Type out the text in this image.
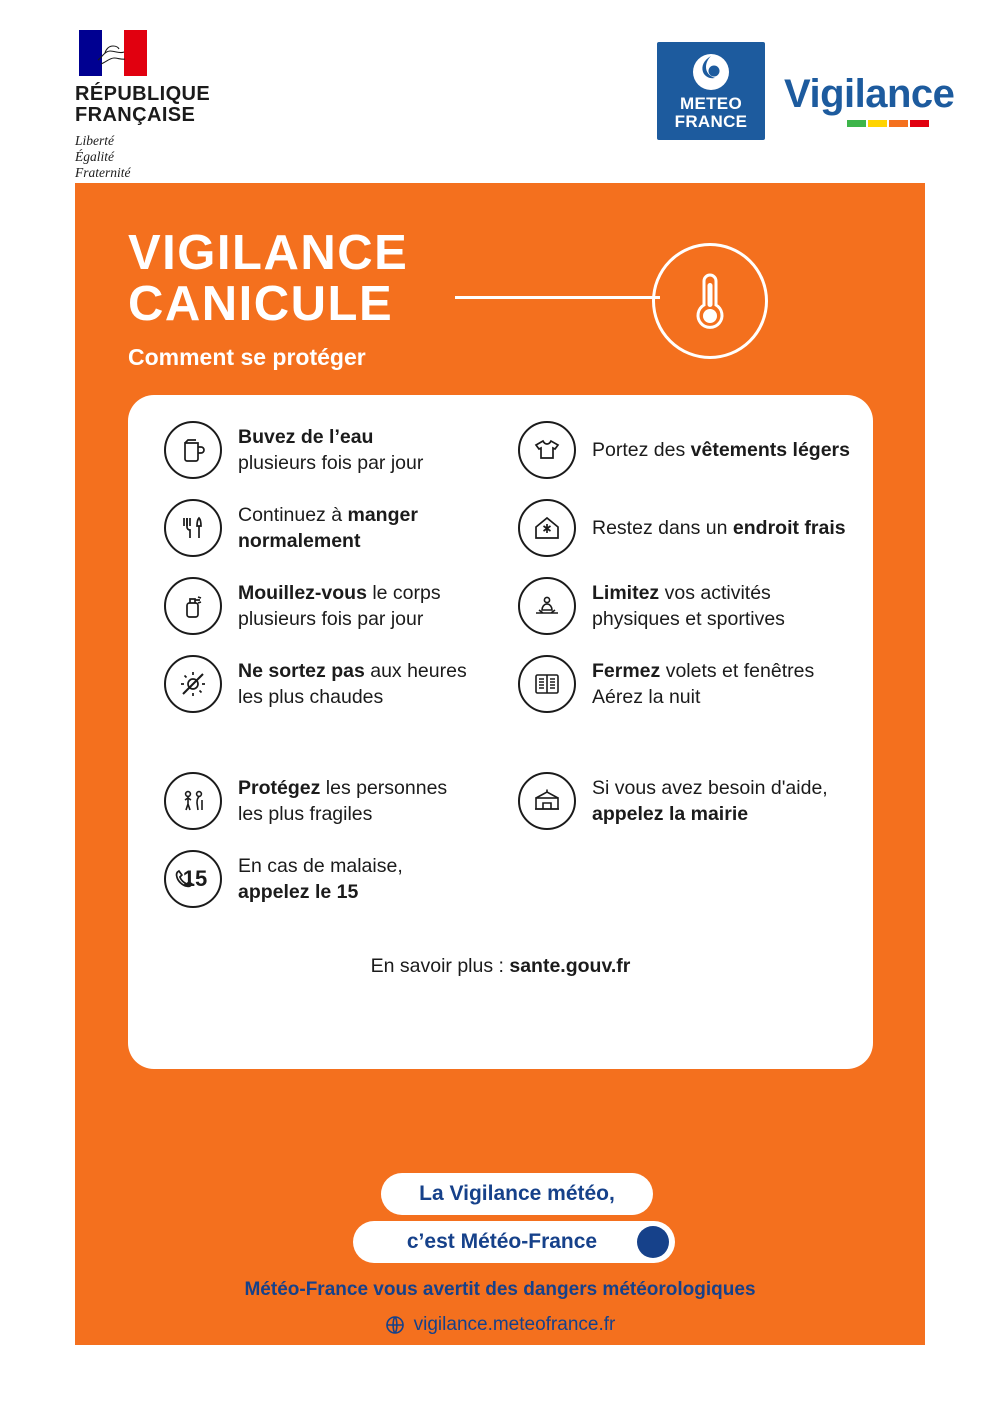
RÉPUBLIQUE
FRANÇAISE
Liberté
Égalité
Fraternité
METEO
FRANCE
Vigilance
VIGILANCE
CANICULE
Comment se protéger
Buvez de l’eau
plusieurs fois par jour
Continuez à manger
normalement
Mouillez-vous le corps
plusieurs fois par jour
Ne sortez pas aux heures
les plus chaudes
Protégez les personnes
les plus fragiles
15 En cas de malaise,
appelez le 15
Portez des vêtements légers
Restez dans un endroit frais
Limitez vos activités
physiques et sportives
Fermez volets et fenêtres
Aérez la nuit
Si vous avez besoin d'aide,
appelez la mairie
En savoir plus : sante.gouv.fr
La Vigilance météo,
c’est Météo-France
Météo-France vous avertit des dangers météorologiques
vigilance.meteofrance.fr
